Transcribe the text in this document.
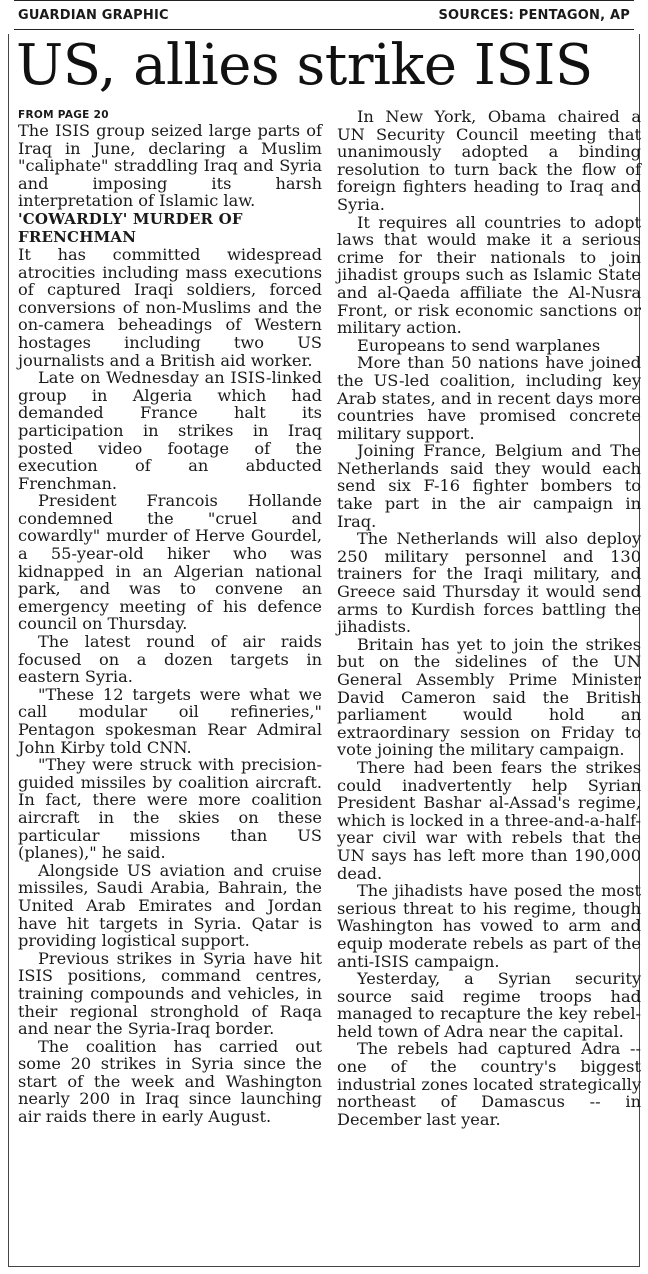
GUARDIAN GRAPHIC	SOURCES: PENTAGON, AP
US, allies strike ISIS

FROM PAGE 20

The ISIS group seized large parts of Iraq in June, declaring a Muslim "caliphate" straddling Iraq and Syria and imposing its harsh interpretation of Islamic law.

'COWARDLY' MURDER OF FRENCHMAN

It has committed widespread atrocities including mass executions of captured Iraqi soldiers, forced conversions of non-Muslims and the on-camera beheadings of Western hostages including two US journalists and a British aid worker.

Late on Wednesday an ISIS-linked group in Algeria which had demanded France halt its participation in strikes in Iraq posted video footage of the execution of an abducted Frenchman.

President Francois Hollande condemned the "cruel and cowardly" murder of Herve Gourdel, a 55-year-old hiker who was kidnapped in an Algerian national park, and was to convene an emergency meeting of his defence council on Thursday.

The latest round of air raids focused on a dozen targets in eastern Syria.

"These 12 targets were what we call modular oil refineries," Pentagon spokesman Rear Admiral John Kirby told CNN.

"They were struck with precision-guided missiles by coalition aircraft. In fact, there were more coalition aircraft in the skies on these particular missions than US (planes)," he said.

Alongside US aviation and cruise missiles, Saudi Arabia, Bahrain, the United Arab Emirates and Jordan have hit targets in Syria. Qatar is providing logistical support.

Previous strikes in Syria have hit ISIS positions, command centres, training compounds and vehicles, in their regional stronghold of Raqa and near the Syria-Iraq border.

The coalition has carried out some 20 strikes in Syria since the start of the week and Washington nearly 200 in Iraq since launching air raids there in early August.

In New York, Obama chaired a UN Security Council meeting that unanimously adopted a binding resolution to turn back the flow of foreign fighters heading to Iraq and Syria.

It requires all countries to adopt laws that would make it a serious crime for their nationals to join jihadist groups such as Islamic State and al-Qaeda affiliate the Al-Nusra Front, or risk economic sanctions or military action.

Europeans to send warplanes

More than 50 nations have joined the US-led coalition, including key Arab states, and in recent days more countries have promised concrete military support.

Joining France, Belgium and The Netherlands said they would each send six F-16 fighter bombers to take part in the air campaign in Iraq.

The Netherlands will also deploy 250 military personnel and 130 trainers for the Iraqi military, and Greece said Thursday it would send arms to Kurdish forces battling the jihadists.

Britain has yet to join the strikes but on the sidelines of the UN General Assembly Prime Minister David Cameron said the British parliament would hold an extraordinary session on Friday to vote joining the military campaign.

There had been fears the strikes could inadvertently help Syrian President Bashar al-Assad's regime, which is locked in a three-and-a-half-year civil war with rebels that the UN says has left more than 190,000 dead.

The jihadists have posed the most serious threat to his regime, though Washington has vowed to arm and equip moderate rebels as part of the anti-ISIS campaign.

Yesterday, a Syrian security source said regime troops had managed to recapture the key rebel-held town of Adra near the capital.

The rebels had captured Adra -- one of the country's biggest industrial zones located strategically northeast of Damascus -- in December last year.
